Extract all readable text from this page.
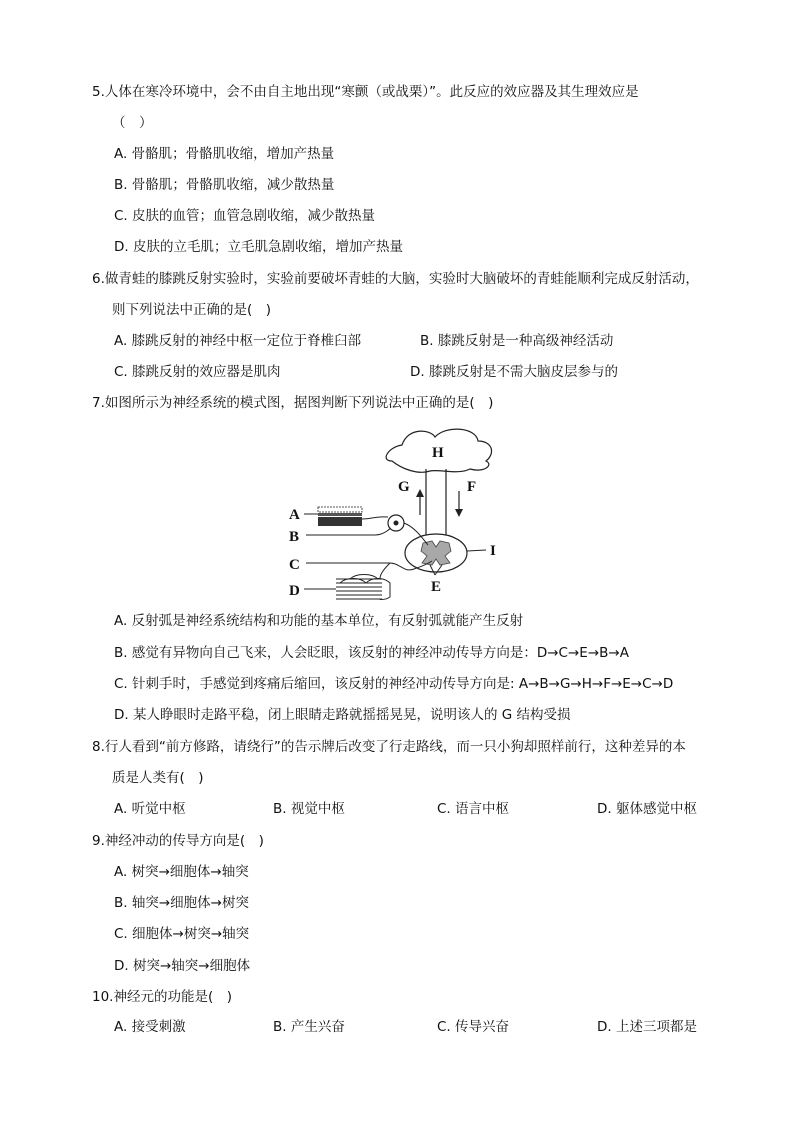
5.人体在寒冷环境中，会不由自主地出现“寒颤（或战栗）”。此反应的效应器及其生理效应是
（　）
A. 骨骼肌；骨骼肌收缩，增加产热量
B. 骨骼肌；骨骼肌收缩，减少散热量
C. 皮肤的血管；血管急剧收缩，减少散热量
D. 皮肤的立毛肌；立毛肌急剧收缩，增加产热量
6.做青蛙的膝跳反射实验时，实验前要破坏青蛙的大脑，实验时大脑破坏的青蛙能顺利完成反射活动，
则下列说法中正确的是(　)
A. 膝跳反射的神经中枢一定位于脊椎臼部	B. 膝跳反射是一种高级神经活动
C. 膝跳反射的效应器是肌肉	D. 膝跳反射是不需大脑皮层参与的
7.如图所示为神经系统的模式图，据图判断下列说法中正确的是(　)
A
B
C
D	E
F
G
H
I
A. 反射弧是神经系统结构和功能的基本单位，有反射弧就能产生反射
B. 感觉有异物向自己飞来，人会眨眼，该反射的神经冲动传导方向是：D→C→E→B→A
C. 针刺手时，手感觉到疼痛后缩回，该反射的神经冲动传导方向是: A→B→G→H→F→E→C→D
D. 某人睁眼时走路平稳，闭上眼睛走路就摇摇晃晃，说明该人的 G 结构受损
8.行人看到“前方修路，请绕行”的告示牌后改变了行走路线，而一只小狗却照样前行，这种差异的本
质是人类有(　)
A. 听觉中枢	B. 视觉中枢	C. 语言中枢	D. 躯体感觉中枢
9.神经冲动的传导方向是(　)
A. 树突→细胞体→轴突
B. 轴突→细胞体→树突
C. 细胞体→树突→轴突
D. 树突→轴突→细胞体
10.神经元的功能是(　)
A. 接受刺激	B. 产生兴奋	C. 传导兴奋	D. 上述三项都是
